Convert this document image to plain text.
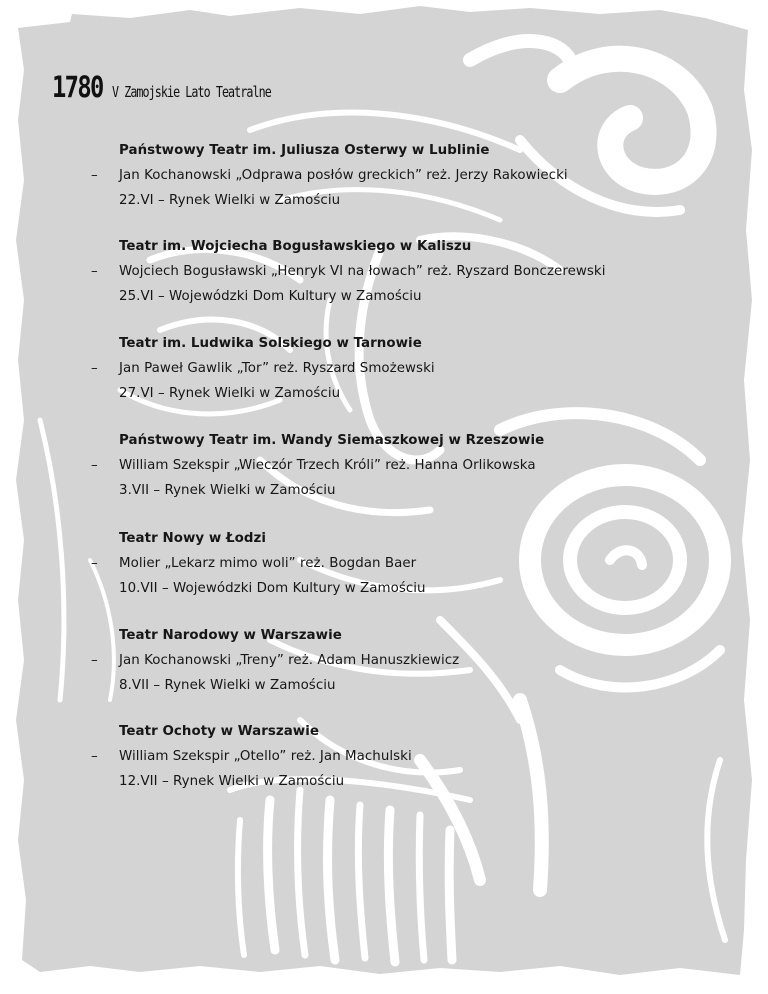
1780 V Zamojskie Lato Teatralne
Państwowy Teatr im. Juliusza Osterwy w Lublinie
– Jan Kochanowski „Odprawa posłów greckich” reż. Jerzy Rakowiecki
22.VI – Rynek Wielki w Zamościu
Teatr im. Wojciecha Bogusławskiego w Kaliszu
– Wojciech Bogusławski „Henryk VI na łowach” reż. Ryszard Bonczerewski
25.VI – Wojewódzki Dom Kultury w Zamościu
Teatr im. Ludwika Solskiego w Tarnowie
– Jan Paweł Gawlik „Tor” reż. Ryszard Smożewski
27.VI – Rynek Wielki w Zamościu
Państwowy Teatr im. Wandy Siemaszkowej w Rzeszowie
– William Szekspir „Wieczór Trzech Króli” reż. Hanna Orlikowska
3.VII – Rynek Wielki w Zamościu
Teatr Nowy w Łodzi
– Molier „Lekarz mimo woli” reż. Bogdan Baer
10.VII – Wojewódzki Dom Kultury w Zamościu
Teatr Narodowy w Warszawie
– Jan Kochanowski „Treny” reż. Adam Hanuszkiewicz
8.VII – Rynek Wielki w Zamościu
Teatr Ochoty w Warszawie
– William Szekspir „Otello” reż. Jan Machulski
12.VII – Rynek Wielki w Zamościu
